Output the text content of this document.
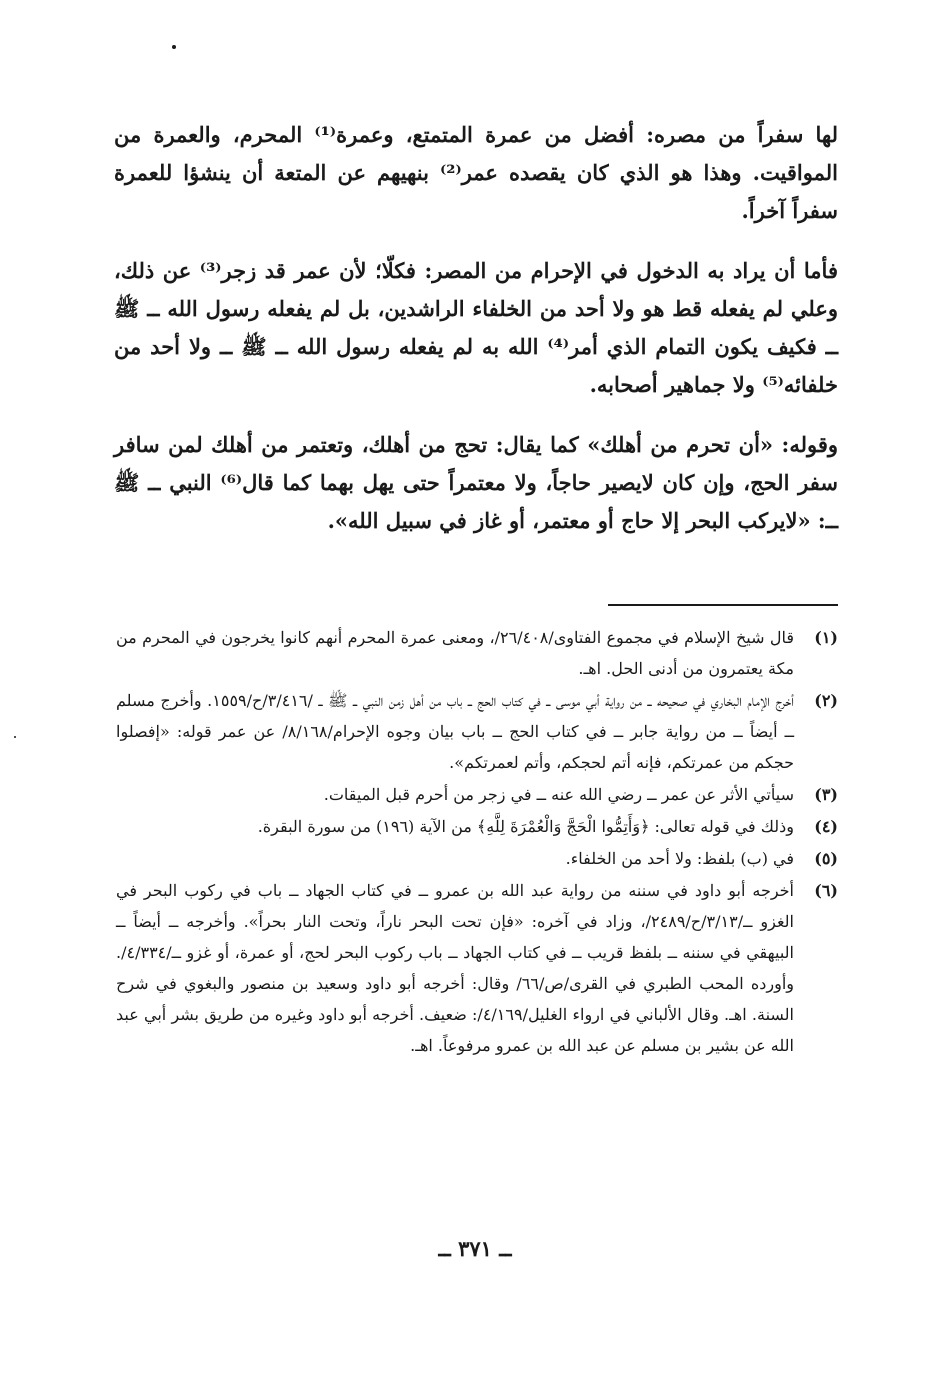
لها سفراً من مصره: أفضل من عمرة المتمتع، وعمرة⁽¹⁾ المحرم، والعمرة من المواقيت. وهذا هو الذي كان يقصده عمر⁽²⁾ بنهيهم عن المتعة أن ينشؤا للعمرة سفراً آخراً.

فأما أن يراد به الدخول في الإحرام من المصر: فكلّا؛ لأن عمر قد زجر⁽³⁾ عن ذلك، وعلي لم يفعله قط هو ولا أحد من الخلفاء الراشدين، بل لم يفعله رسول الله ــ ﷺ ــ فكيف يكون التمام الذي أمر⁽⁴⁾ الله به لم يفعله رسول الله ــ ﷺ ــ ولا أحد من خلفائه⁽⁵⁾ ولا جماهير أصحابه.

وقوله: «أن تحرم من أهلك» كما يقال: تحج من أهلك، وتعتمر من أهلك لمن سافر سفر الحج، وإن كان لايصير حاجاً، ولا معتمراً حتى يهل بهما كما قال⁽⁶⁾ النبي ــ ﷺ ــ: «لايركب البحر إلا حاج أو معتمر، أو غاز في سبيل الله».

(١)
قال شيخ الإسلام في مجموع الفتاوى/٢٦/٤٠٨/، ومعنى عمرة المحرم أنهم كانوا يخرجون في المحرم من مكة يعتمرون من أدنى الحل. اهـ.
(٢)
أخرج الإمام البخاري في صحيحه ــ من رواية أبي موسى ــ في كتاب الحج ــ باب من أهل زمن النبي ــ ﷺ ــ /٣/٤١٦/ح/١٥٥٩. وأخرج مسلم ــ أيضاً ــ من رواية جابر ــ في كتاب الحج ــ باب بيان وجوه الإحرام/٨/١٦٨/ عن عمر قوله: «إفصلوا حجكم من عمرتكم، فإنه أتم لحجكم، وأتم لعمرتكم».
(٣)
سيأتي الأثر عن عمر ــ رضي الله عنه ــ في زجر من أحرم قبل الميقات.
(٤)
وذلك في قوله تعالى: ﴿وَأَتِمُّوا الْحَجَّ وَالْعُمْرَةَ لِلَّهِ﴾ من الآية (١٩٦) من سورة البقرة.
(٥)
في (ب) بلفظ: ولا أحد من الخلفاء.
(٦)
أخرجه أبو داود في سننه من رواية عبد الله بن عمرو ــ في كتاب الجهاد ــ باب في ركوب البحر في الغزو ــ/٣/١٣/ح/٢٤٨٩/، وزاد في آخره: «فإن تحت البحر ناراً، وتحت النار بحراً». وأخرجه ــ أيضاً ــ البيهقي في سننه ــ بلفظ قريب ــ في كتاب الجهاد ــ باب ركوب البحر لحج، أو عمرة، أو غزو ــ/٤/٣٣٤/. وأورده المحب الطبري في القرى/ص/٦٦/ وقال: أخرجه أبو داود وسعيد بن منصور والبغوي في شرح السنة. اهـ. وقال الألباني في ارواء الغليل/٤/١٦٩/: ضعيف. أخرجه أبو داود وغيره من طريق بشر أبي عبد الله عن بشير بن مسلم عن عبد الله بن عمرو مرفوعاً. اهـ.
ــ ٣٧١ ــ
